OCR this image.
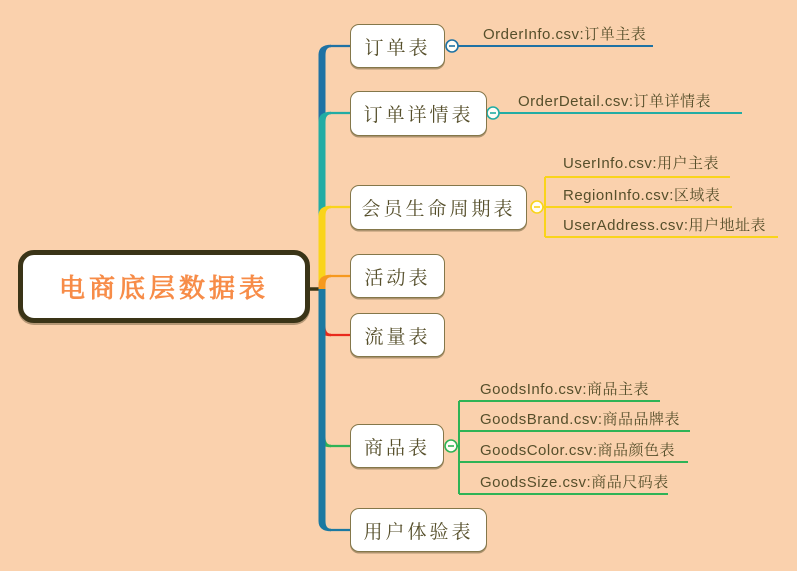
电商底层数据表
订单表
订单详情表
会员生命周期表
活动表
流量表
商品表
用户体验表
OrderInfo.csv:订单主表
OrderDetail.csv:订单详情表
UserInfo.csv:用户主表
RegionInfo.csv:区域表
UserAddress.csv:用户地址表
GoodsInfo.csv:商品主表
GoodsBrand.csv:商品品牌表
GoodsColor.csv:商品颜色表
GoodsSize.csv:商品尺码表
